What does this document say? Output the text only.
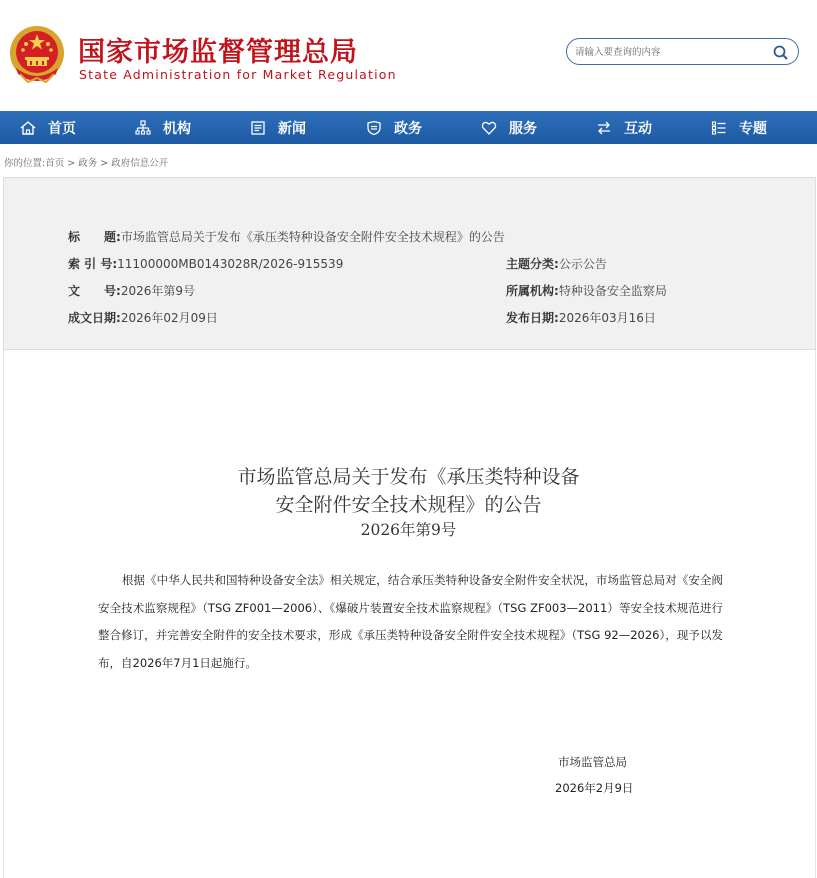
国家市场监督管理总局
State Administration for Market Regulation
请输入要查询的内容
首页	机构	新闻	政务	服务	互动	专题
你的位置:首页 > 政务 > 政府信息公开
标　　题:市场监管总局关于发布《承压类特种设备安全附件安全技术规程》的公告
索 引 号:11100000MB0143028R/2026-915539	主题分类:公示公告
文　　号:2026年第9号	所属机构:特种设备安全监察局
成文日期:2026年02月09日	发布日期:2026年03月16日
市场监管总局关于发布《承压类特种设备
安全附件安全技术规程》的公告
2026年第9号
根据《中华人民共和国特种设备安全法》相关规定，结合承压类特种设备安全附件安全状况，市场监管总局对《安全阀安全技术监察规程》（TSG ZF001—2006）、《爆破片装置安全技术监察规程》（TSG ZF003—2011）等安全技术规范进行整合修订，并完善安全附件的安全技术要求，形成《承压类特种设备安全附件安全技术规程》（TSG 92—2026），现予以发布，自2026年7月1日起施行。
市场监管总局
2026年2月9日
